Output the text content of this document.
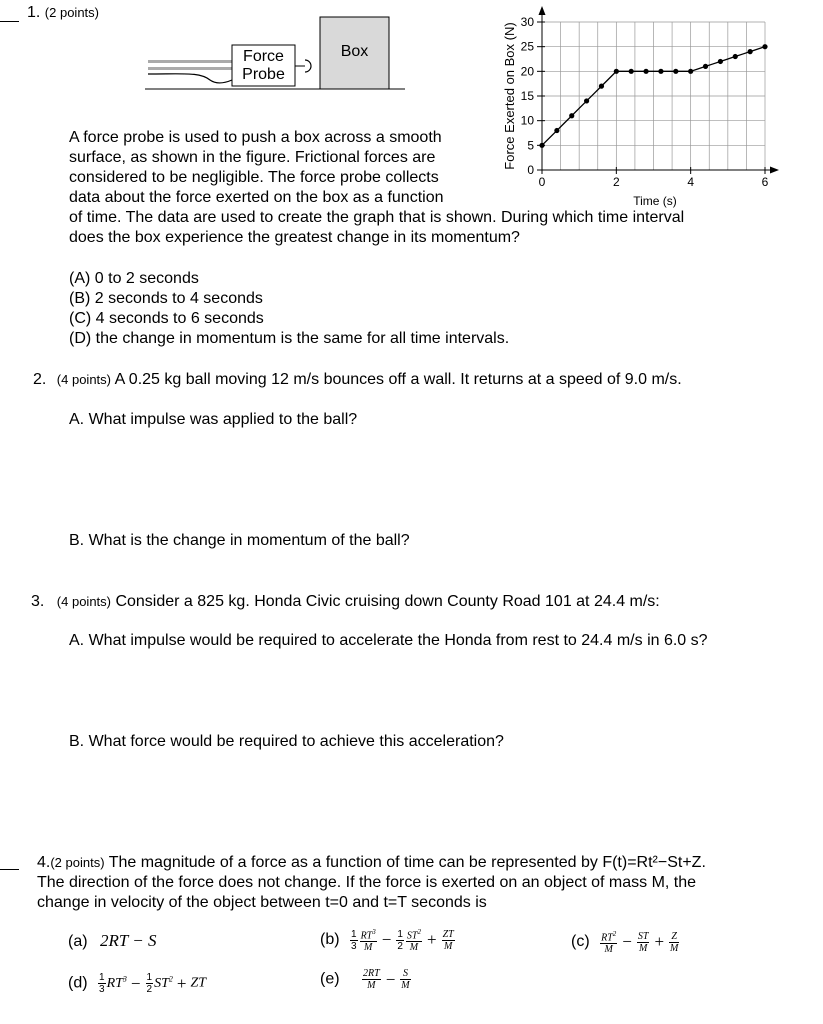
1. (2 points)
Force
Probe
Box
0
5
10
15
20
25
30
0	2	4	6
Time (s)
Force Exerted on Box (N)
A force probe is used to push a box across a smooth
surface, as shown in the figure. Frictional forces are
considered to be negligible. The force probe collects
data about the force exerted on the box as a function
of time. The data are used to create the graph that is shown. During which time interval
does the box experience the greatest change in its momentum?
(A) 0 to 2 seconds
(B) 2 seconds to 4 seconds
(C) 4 seconds to 6 seconds
(D) the change in momentum is the same for all time intervals.
2. (4 points) A 0.25 kg ball moving 12 m/s bounces off a wall. It returns at a speed of 9.0 m/s.
A. What impulse was applied to the ball?
B. What is the change in momentum of the ball?
3. (4 points) Consider a 825 kg. Honda Civic cruising down County Road 101 at 24.4 m/s:
A. What impulse would be required to accelerate the Honda from rest to 24.4 m/s in 6.0 s?
B. What force would be required to achieve this acceleration?
4.(2 points) The magnitude of a force as a function of time can be represented by F(t)=Rt²−St+Z.
The direction of the force does not change. If the force is exerted on an object of mass M, the
change in velocity of the object between t=0 and t=T seconds is
(a) 2RT − S	$(b) \frac{1}{3} \frac{RT^3}{M} - \frac{1}{2} \frac{ST^2}{M} + \frac{ZT}{M}$	$(c) \frac{RT^2}{M} - \frac{ST}{M} + \frac{Z}{M}$
$(d) \frac{1}{3} RT^3 - \frac{1}{2} ST^2$ + ZT	$(e) \frac{2RT}{M} - \frac{S}{M}$
